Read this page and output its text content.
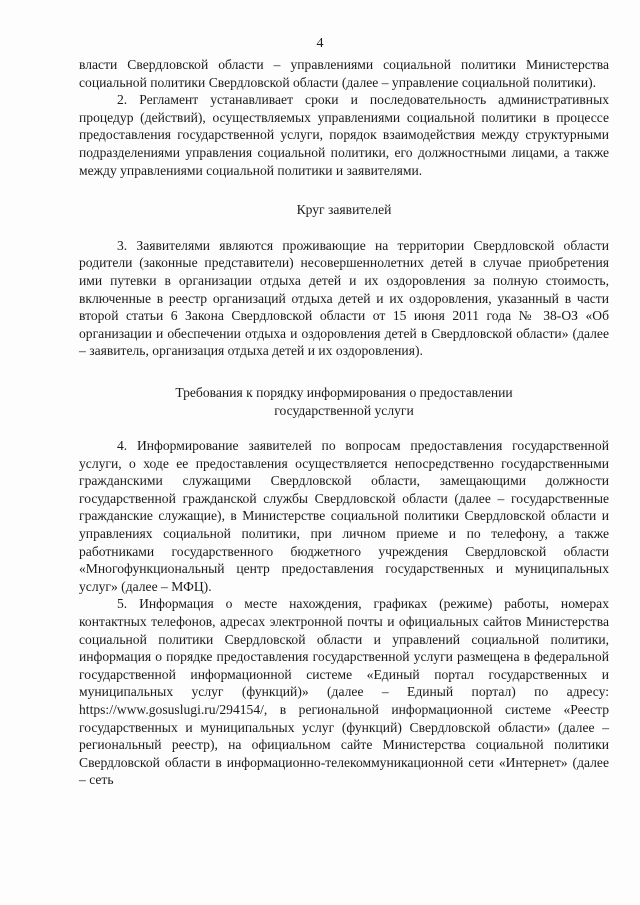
4

власти Свердловской области – управлениями социальной политики Министерства социальной политики Свердловской области (далее – управление социальной политики).

2. Регламент устанавливает сроки и последовательность административных процедур (действий), осуществляемых управлениями социальной политики в процессе предоставления государственной услуги, порядок взаимодействия между структурными подразделениями управления социальной политики, его должностными лицами, а также между управлениями социальной политики и заявителями.

Круг заявителей

3. Заявителями являются проживающие на территории Свердловской области родители (законные представители) несовершеннолетних детей в случае приобретения ими путевки в организации отдыха детей и их оздоровления за полную стоимость, включенные в реестр организаций отдыха детей и их оздоровления, указанный в части второй статьи 6 Закона Свердловской области от 15 июня 2011 года № 38-ОЗ «Об организации и обеспечении отдыха и оздоровления детей в Свердловской области» (далее – заявитель, организация отдыха детей и их оздоровления).

Требования к порядку информирования о предоставлении
государственной услуги

4. Информирование заявителей по вопросам предоставления государственной услуги, о ходе ее предоставления осуществляется непосредственно государственными гражданскими служащими Свердловской области, замещающими должности государственной гражданской службы Свердловской области (далее – государственные гражданские служащие), в Министерстве социальной политики Свердловской области и управлениях социальной политики, при личном приеме и по телефону, а также работниками государственного бюджетного учреждения Свердловской области «Многофункциональный центр предоставления государственных и муниципальных услуг» (далее – МФЦ).

5. Информация о месте нахождения, графиках (режиме) работы, номерах контактных телефонов, адресах электронной почты и официальных сайтов Министерства социальной политики Свердловской области и управлений социальной политики, информация о порядке предоставления государственной услуги размещена в федеральной государственной информационной системе «Единый портал государственных и муниципальных услуг (функций)» (далее – Единый портал) по адресу: https://www.gosuslugi.ru/294154/, в региональной информационной системе «Реестр государственных и муниципальных услуг (функций) Свердловской области» (далее – региональный реестр), на официальном сайте Министерства социальной политики Свердловской области в информационно-телекоммуникационной сети «Интернет» (далее – сеть
